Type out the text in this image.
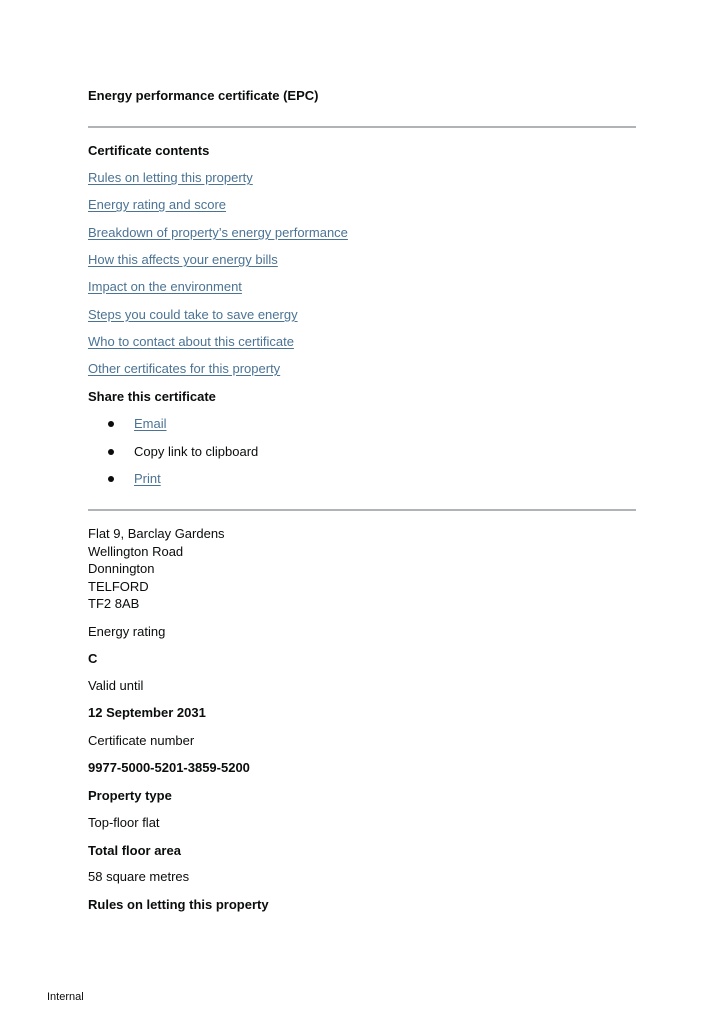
Energy performance certificate (EPC)
Certificate contents
Rules on letting this property
Energy rating and score
Breakdown of property’s energy performance
How this affects your energy bills
Impact on the environment
Steps you could take to save energy
Who to contact about this certificate
Other certificates for this property
Share this certificate
Email
Copy link to clipboard
Print
Flat 9, Barclay Gardens
Wellington Road
Donnington
TELFORD
TF2 8AB
Energy rating
C
Valid until
12 September 2031
Certificate number
9977-5000-5201-3859-5200
Property type
Top-floor flat
Total floor area
58 square metres
Rules on letting this property
Internal
